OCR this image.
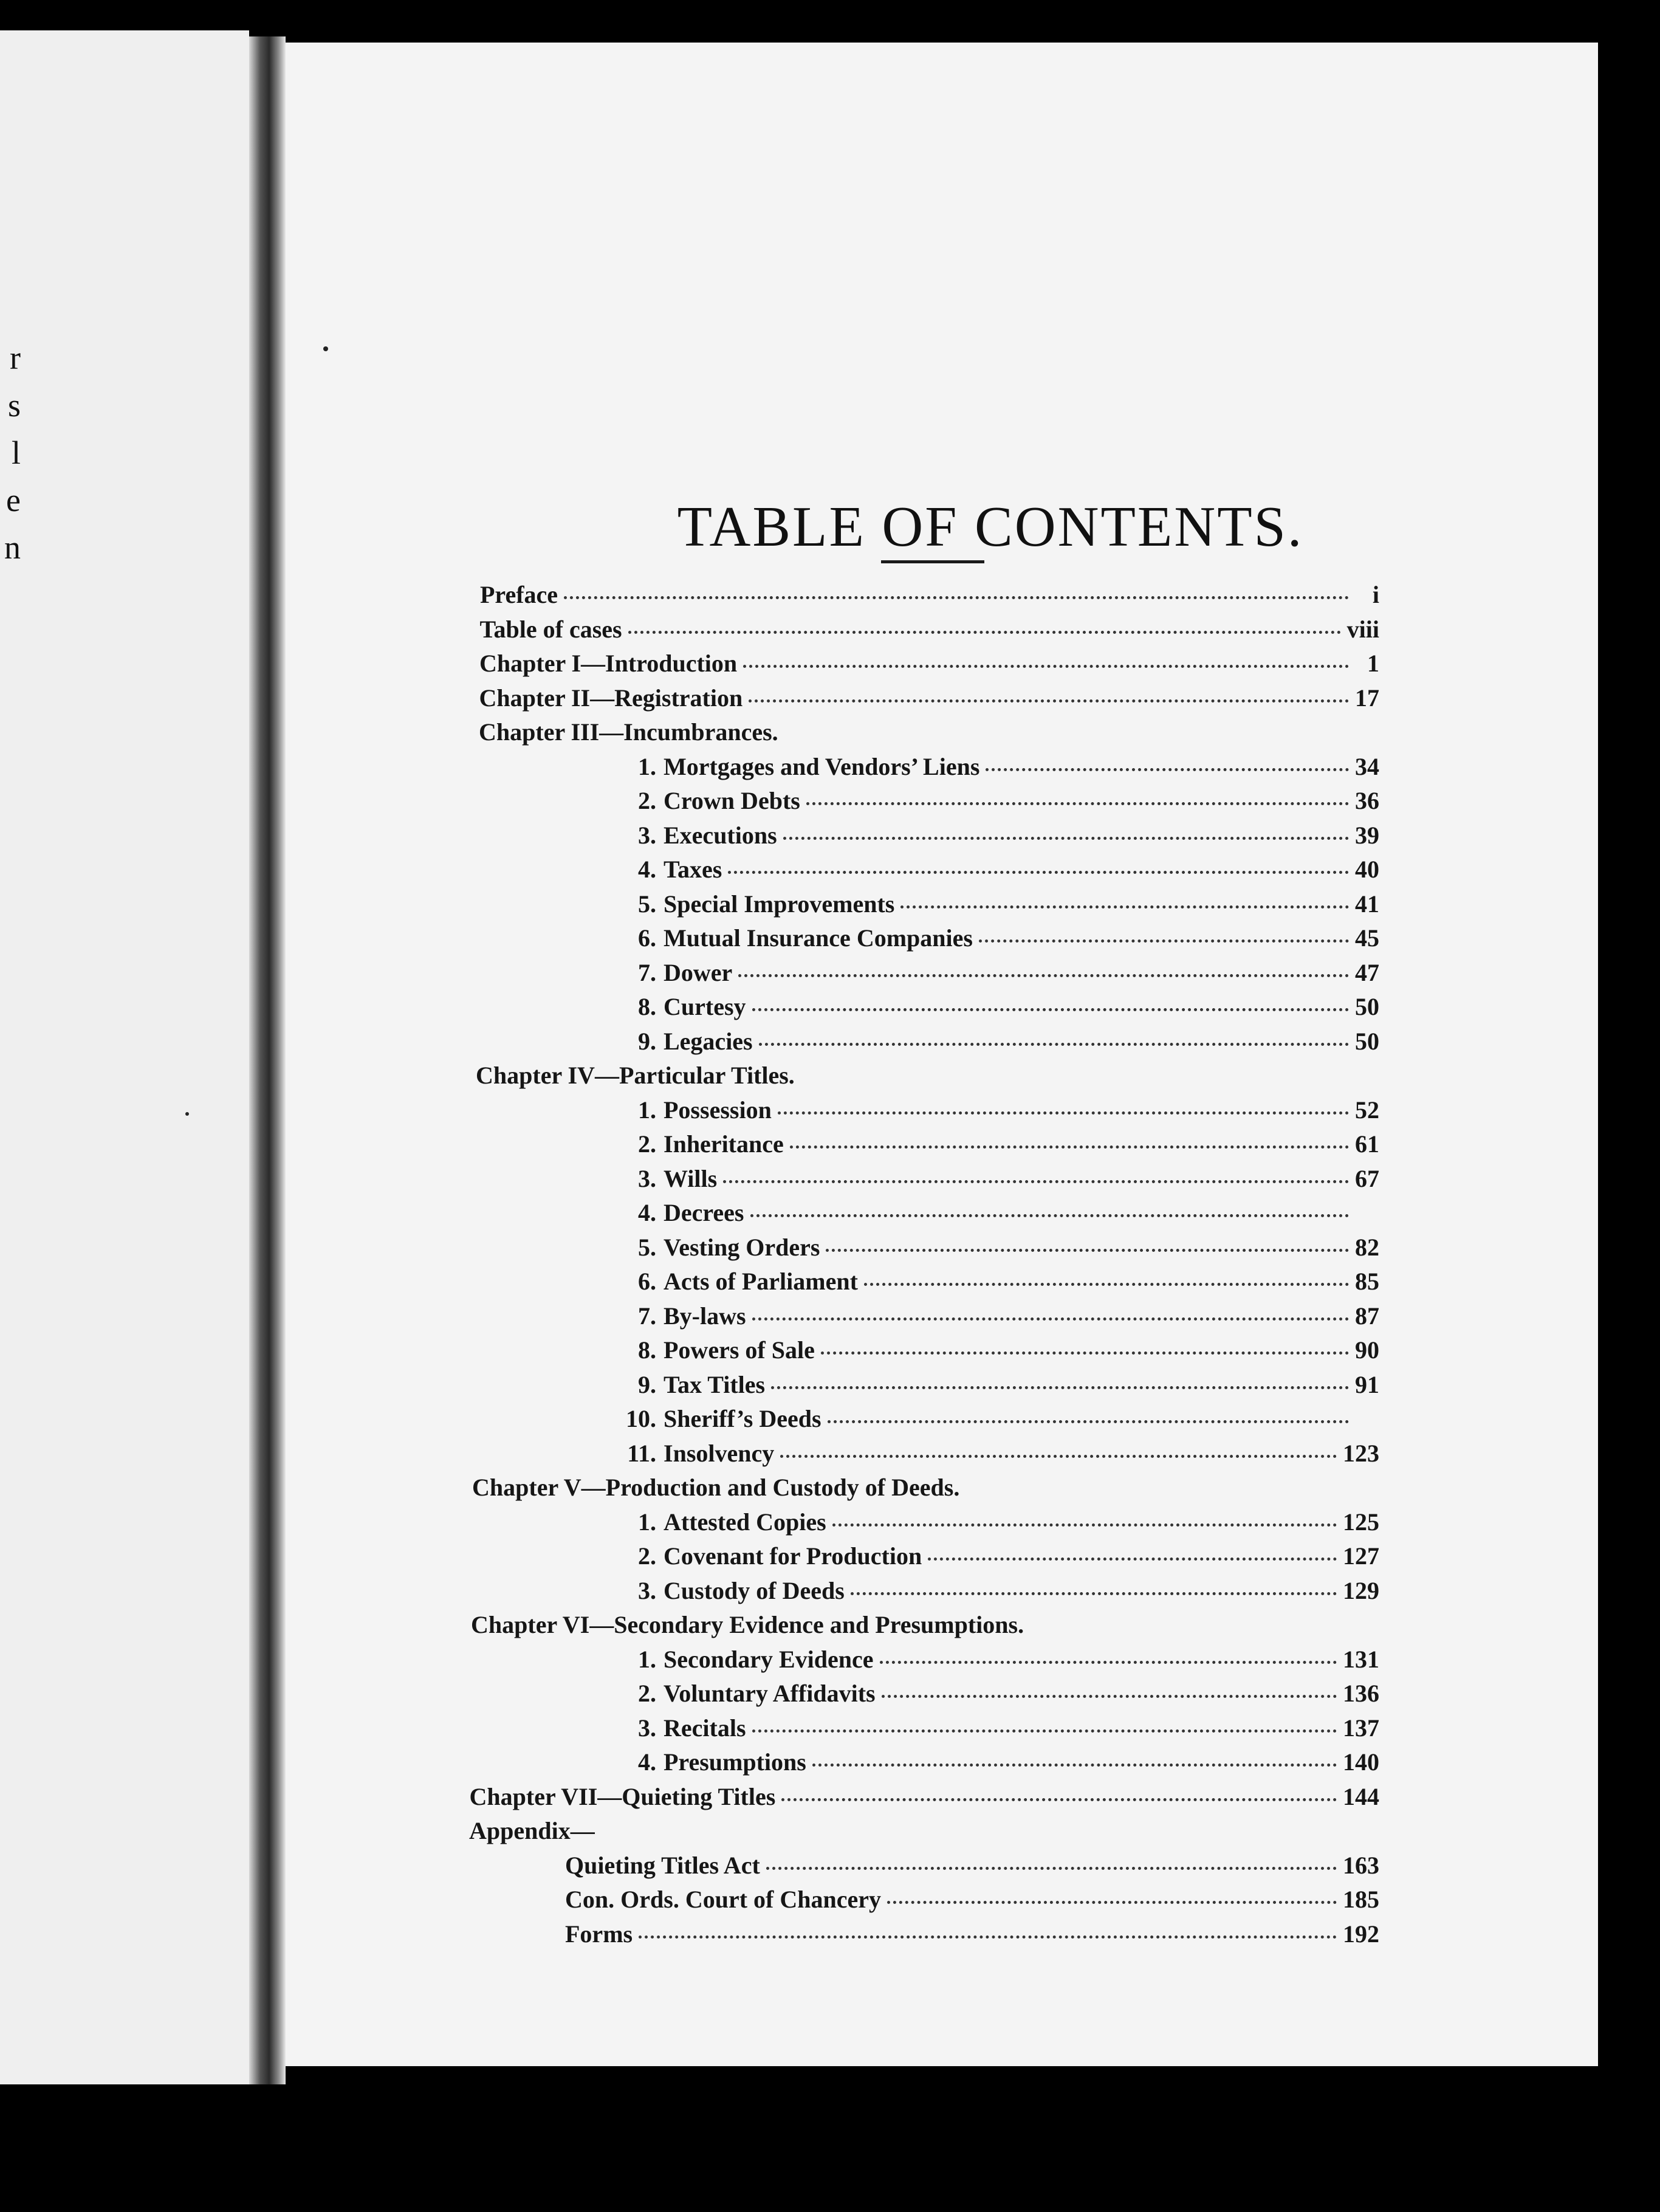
r
s
l
e
n	TABLE OF CONTENTS.
Preface	i
Table of cases	viii
Chapter I—Introduction	1
Chapter II—Registration	17
Chapter III—Incumbrances.
1. Mortgages and Vendors’ Liens	34
2. Crown Debts	36
3. Executions	39
4. Taxes	40
5. Special Improvements	41
6. Mutual Insurance Companies	45
7. Dower	47
8. Curtesy	50
9. Legacies	50
Chapter IV—Particular Titles.
1. Possession	52
2. Inheritance	61
3. Wills	67
4. Decrees
5. Vesting Orders	82
6. Acts of Parliament	85
7. By-laws	87
8. Powers of Sale	90
9. Tax Titles	91
10. Sheriff’s Deeds
11. Insolvency	123
Chapter V—Production and Custody of Deeds.
1. Attested Copies	125
2. Covenant for Production	127
3. Custody of Deeds	129
Chapter VI—Secondary Evidence and Presumptions.
1. Secondary Evidence	131
2. Voluntary Affidavits	136
3. Recitals	137
4. Presumptions	140
Chapter VII—Quieting Titles	144
Appendix—
Quieting Titles Act	163
Con. Ords. Court of Chancery	185
Forms	192
